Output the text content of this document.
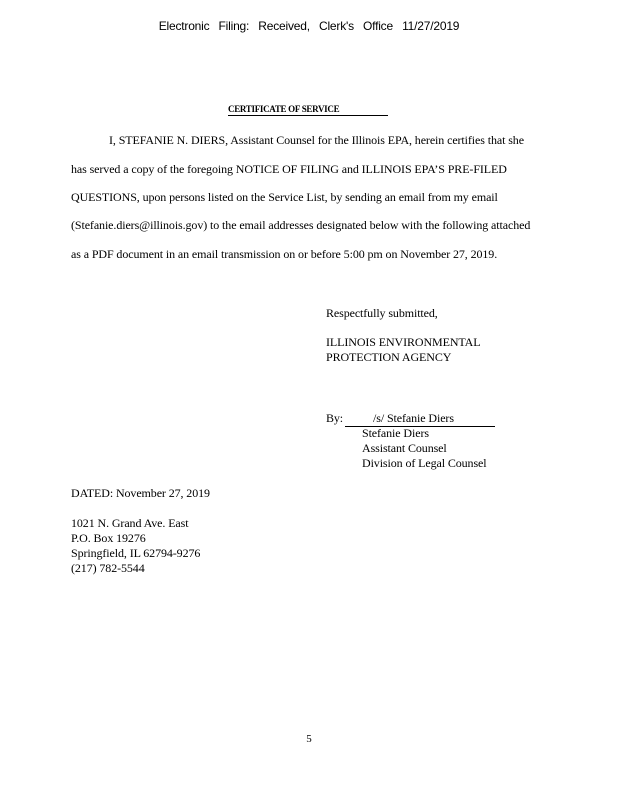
Electronic Filing: Received, Clerk's Office 11/27/2019
CERTIFICATE OF SERVICE
I, STEFANIE N. DIERS, Assistant Counsel for the Illinois EPA, herein certifies that she
has served a copy of the foregoing NOTICE OF FILING and ILLINOIS EPA’S PRE-FILED
QUESTIONS, upon persons listed on the Service List, by sending an email from my email
(Stefanie.diers@illinois.gov) to the email addresses designated below with the following attached
as a PDF document in an email transmission on or before 5:00 pm on November 27, 2019.
Respectfully submitted,
ILLINOIS ENVIRONMENTAL
PROTECTION AGENCY
By:	/s/ Stefanie Diers
Stefanie Diers
Assistant Counsel
Division of Legal Counsel
DATED: November 27, 2019
1021 N. Grand Ave. East
P.O. Box 19276
Springfield, IL 62794-9276
(217) 782-5544
5
